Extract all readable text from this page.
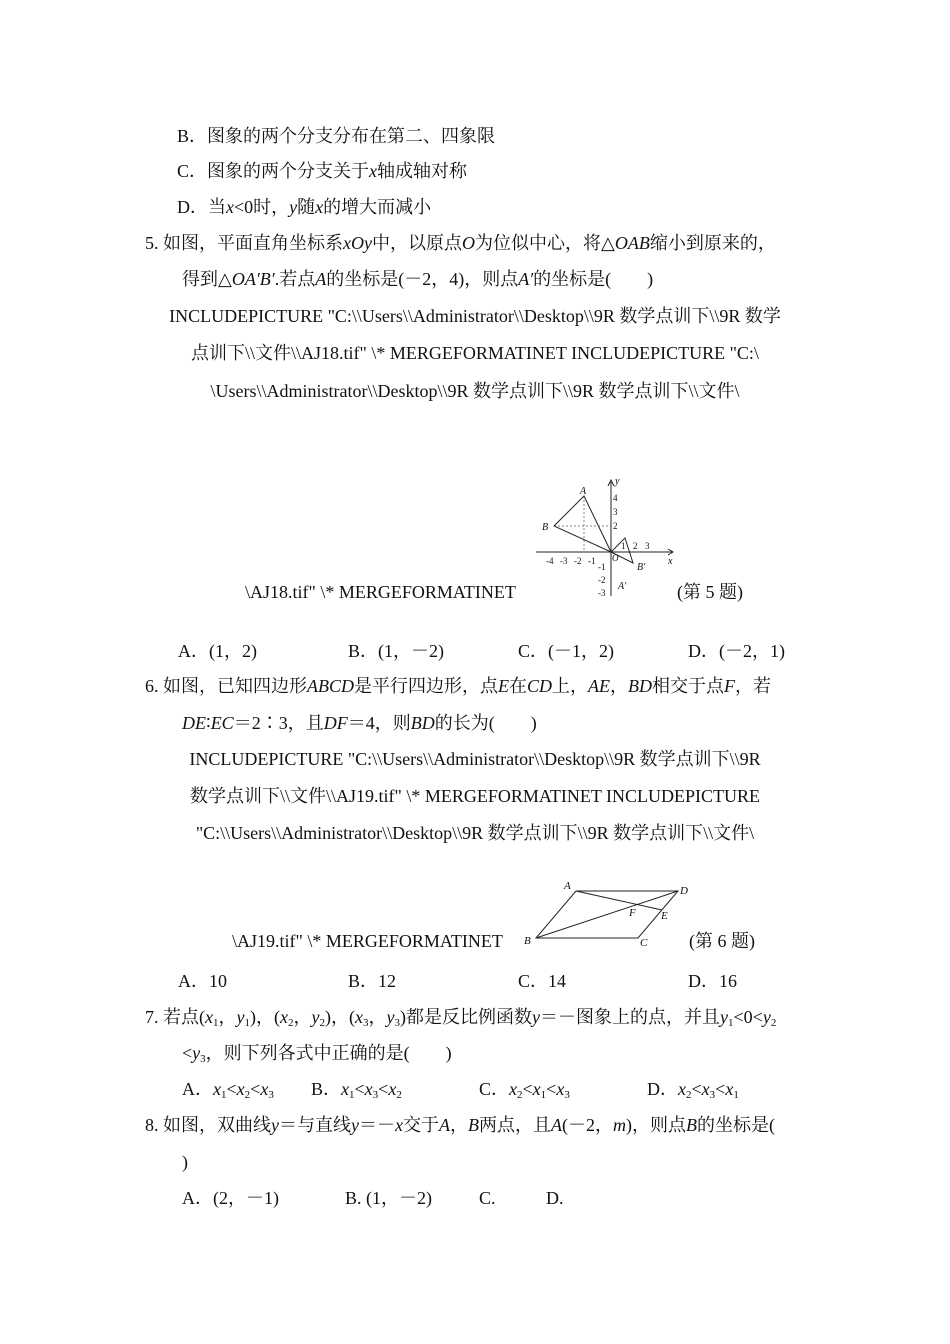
B．图象的两个分支分布在第二、四象限
C．图象的两个分支关于x轴成轴对称
D．当x<0时，y随x的增大而减小
5. 如图，平面直角坐标系xOy中，以原点O为位似中心，将△OAB缩小到原来的，
得到△OA′B′.若点A的坐标是(－2，4)，则点A′的坐标是(　　)
INCLUDEPICTURE "C:\\Users\\Administrator\\Desktop\\9R 数学点训下\\9R 数学
点训下\\文件\\AJ18.tif" \* MERGEFORMATINET INCLUDEPICTURE "C:\
\Users\\Administrator\\Desktop\\9R 数学点训下\\9R 数学点训下\\文件\
\AJ18.tif" \* MERGEFORMATINET	(第 5 题)
A
B
B′
A′
x
y
O
4
3
2
-1
-2
-3
-4 -3 -2 -1
1 2 3
A．(1，2)	B．(1，－2)	C．(－1，2)	D．(－2，1)
6. 如图，已知四边形ABCD是平行四边形，点E在CD上，AE，BD相交于点F，若
DE∶EC＝2∶3，且DF＝4，则BD的长为(　　)
INCLUDEPICTURE "C:\\Users\\Administrator\\Desktop\\9R 数学点训下\\9R
数学点训下\\文件\\AJ19.tif" \* MERGEFORMATINET INCLUDEPICTURE
"C:\\Users\\Administrator\\Desktop\\9R 数学点训下\\9R 数学点训下\\文件\
\AJ19.tif" \* MERGEFORMATINET	(第 6 题)
A
B	C
D
E
F
A．10	B．12	C．14	D．16
7. 若点($x_1$，$y_1$)，($x_2$，$y_2$)，($x_3$，$y_3$)都是反比例函数y＝－图象上的点，并且$y_1<0<y_2$
$<y_3$，则下列各式中正确的是(　　)
A．$x_1<x_2<x_3$ B．$x_1<x_3<x_2$	C．$x_2<x_1<x_3$	D．$x_2<x_3<x_1$
8. 如图，双曲线y＝与直线y＝－x交于A，B两点，且A(－2，m)，则点B的坐标是(
)
A．(2，－1)	B. (1，－2)	C.	D.
